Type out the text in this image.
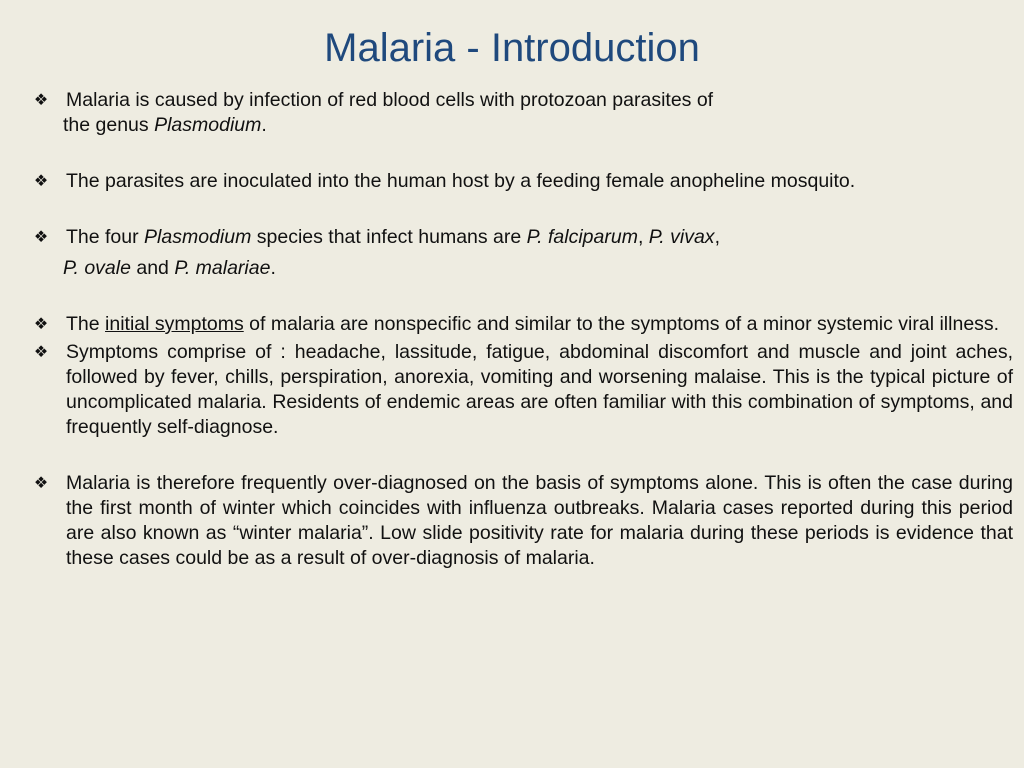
Malaria - Introduction
❖ Malaria is caused by infection of red blood cells with protozoan parasites of
the genus Plasmodium.
❖ The parasites are inoculated into the human host by a feeding female anopheline mosquito.
❖ The four Plasmodium species that infect humans are P. falciparum, P. vivax,
P. ovale and P. malariae.
❖ The initial symptoms of malaria are nonspecific and similar to the symptoms of a minor systemic viral illness.
❖ Symptoms comprise of : headache, lassitude, fatigue, abdominal discomfort and muscle and joint aches, followed by fever, chills, perspiration, anorexia, vomiting and worsening malaise. This is the typical picture of uncomplicated malaria. Residents of endemic areas are often familiar with this combination of symptoms, and frequently self-diagnose.
❖ Malaria is therefore frequently over-diagnosed on the basis of symptoms alone. This is often the case during the first month of winter which coincides with influenza outbreaks. Malaria cases reported during this period are also known as “winter malaria”. Low slide positivity rate for malaria during these periods is evidence that these cases could be as a result of over-diagnosis of malaria.
